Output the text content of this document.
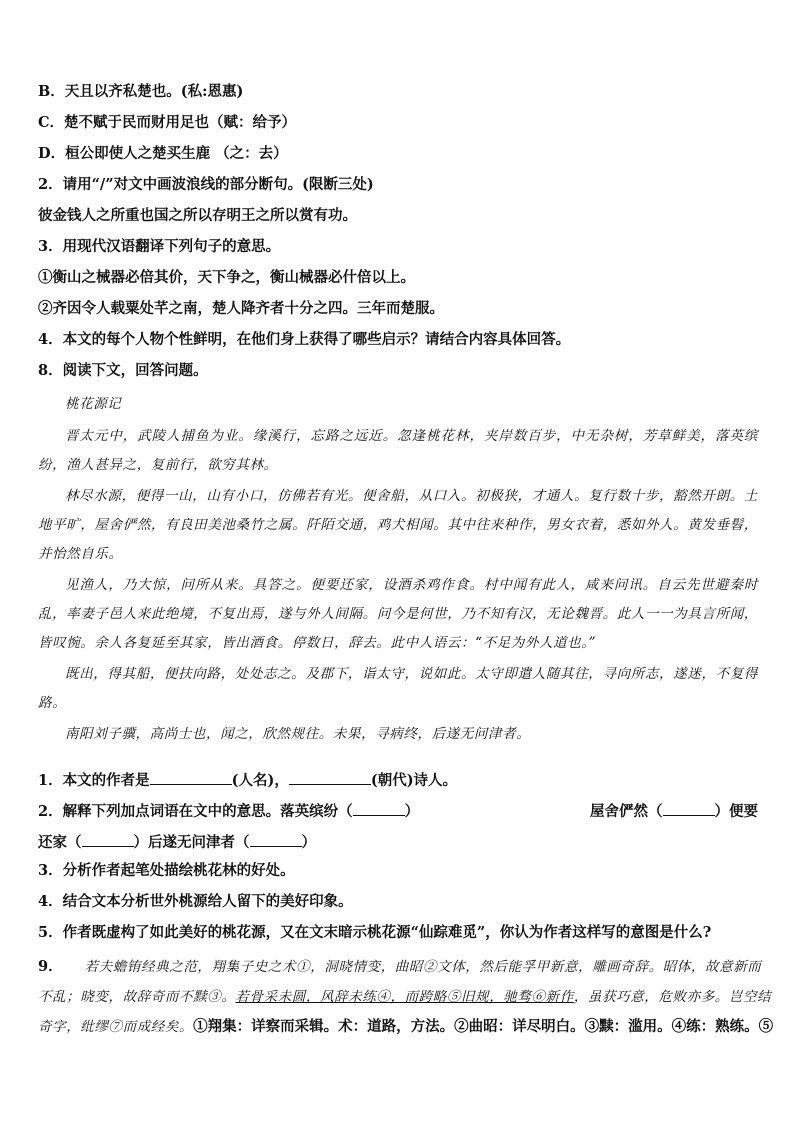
B．天且以齐私楚也。(私:恩惠)
C．楚不赋于民而财用足也（赋：给予）
D．桓公即使人之楚买生鹿 （之：去）
2．请用“/”对文中画波浪线的部分断句。(限断三处)
彼金钱人之所重也国之所以存明王之所以赏有功。
3．用现代汉语翻译下列句子的意思。
①衡山之械器必倍其价，天下争之，衡山械器必什倍以上。
②齐因令人载粟处芊之南，楚人降齐者十分之四。三年而楚服。
4．本文的每个人物个性鲜明，在他们身上获得了哪些启示？请结合内容具体回答。
8．阅读下文，回答问题。

桃花源记

晋太元中，武陵人捕鱼为业。缘溪行，忘路之远近。忽逢桃花林，夹岸数百步，中无杂树，芳草鲜美，落英缤纷，渔人甚异之，复前行，欲穷其林。

林尽水源，便得一山，山有小口，仿佛若有光。便舍船，从口入。初极狭，才通人。复行数十步，豁然开朗。土地平旷，屋舍俨然，有良田美池桑竹之属。阡陌交通，鸡犬相闻。其中往来种作，男女衣着，悉如外人。黄发垂髫，并怡然自乐。

见渔人，乃大惊，问所从来。具答之。便要还家，设酒杀鸡作食。村中闻有此人，咸来问讯。自云先世避秦时乱，率妻子邑人来此绝境，不复出焉，遂与外人间隔。问今是何世，乃不知有汉，无论魏晋。此人一一为具言所闻，皆叹惋。余人各复延至其家，皆出酒食。停数日，辞去。此中人语云：“不足为外人道也。”

既出，得其船，便扶向路，处处志之。及郡下，诣太守，说如此。太守即遣人随其往，寻向所志，遂迷，不复得路。

南阳刘子骥，高尚士也，闻之，欣然规往。未果，寻病终，后遂无问津者。

1．本文的作者是	(人名)，	(朝代)诗人。
2．解释下列加点词语在文中的意思。落英缤纷（	）	屋舍俨然（	）便要
还家（	）后遂无问津者（	）
3．分析作者起笔处描绘桃花林的好处。
4．结合文本分析世外桃源给人留下的美好印象。
5．作者既虚构了如此美好的桃花源，又在文末暗示桃花源“仙踪难觅”，你认为作者这样写的意图是什么?
9． 若夫蟾铕经典之范，翔集子史之术①，洞晓情变，曲昭②文体，然后能孚甲新意，雕画奇辞。昭体，故意新而
不乱；晓变，故辞奇而不黩③。若骨采未圆，风辞未练④，而跨略⑤旧规，驰骛⑥新作，虽获巧意，危败亦多。岂空结
奇字，纰缪⑦而成经矣。①翔集：详察而采辑。术：道路，方法。②曲昭：详尽明白。③黩：滥用。④练：熟练。⑤
